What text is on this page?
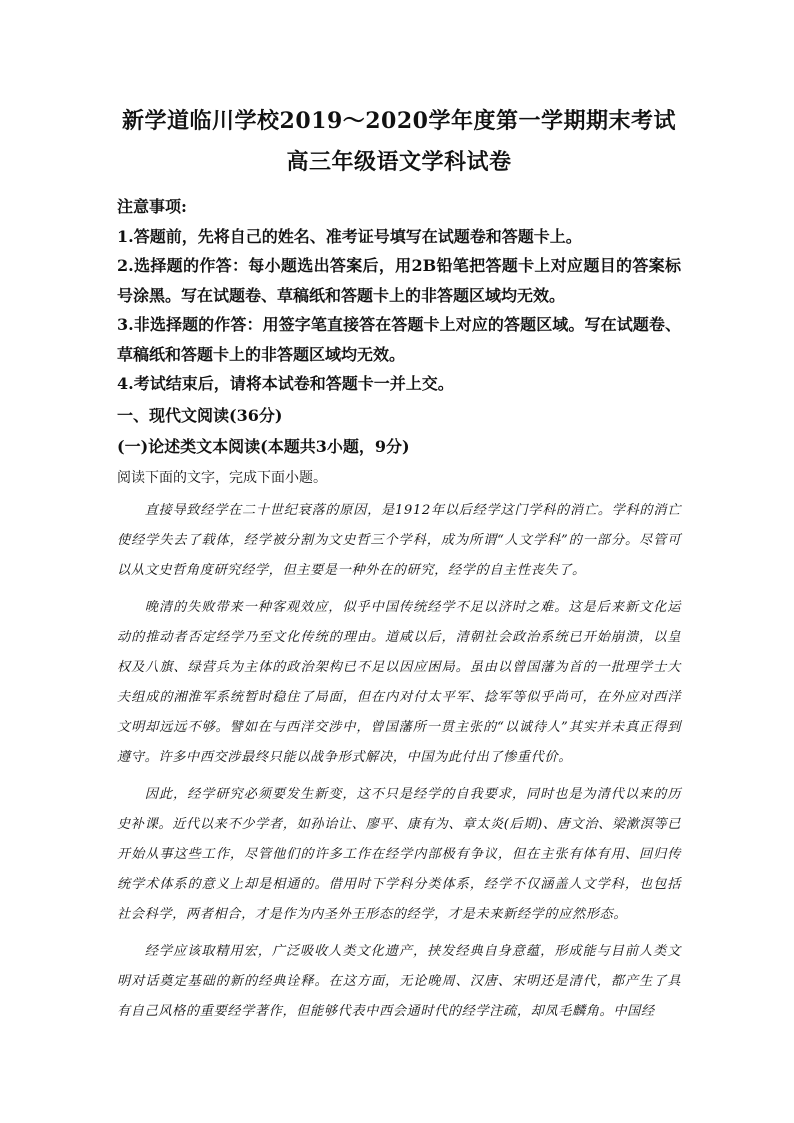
新学道临川学校2019～2020学年度第一学期期末考试
高三年级语文学科试卷

注意事项:

1.答题前，先将自己的姓名、准考证号填写在试题卷和答题卡上。

2.选择题的作答：每小题选出答案后，用2B铅笔把答题卡上对应题目的答案标号涂黑。写在试题卷、草稿纸和答题卡上的非答题区域均无效。

3.非选择题的作答：用签字笔直接答在答题卡上对应的答题区域。写在试题卷、草稿纸和答题卡上的非答题区域均无效。

4.考试结束后，请将本试卷和答题卡一并上交。

一、现代文阅读(36分)

(一)论述类文本阅读(本题共3小题，9分)

阅读下面的文字，完成下面小题。

直接导致经学在二十世纪衰落的原因，是1912年以后经学这门学科的消亡。学科的消亡使经学失去了载体，经学被分割为文史哲三个学科，成为所谓“人文学科”的一部分。尽管可以从文史哲角度研究经学，但主要是一种外在的研究，经学的自主性丧失了。

晚清的失败带来一种客观效应，似乎中国传统经学不足以济时之难。这是后来新文化运动的推动者否定经学乃至文化传统的理由。道咸以后，清朝社会政治系统已开始崩溃，以皇权及八旗、绿营兵为主体的政治架构已不足以因应困局。虽由以曾国藩为首的一批理学士大夫组成的湘淮军系统暂时稳住了局面，但在内对付太平军、捻军等似乎尚可，在外应对西洋文明却远远不够。譬如在与西洋交涉中，曾国藩所一贯主张的“以诚待人”其实并未真正得到遵守。许多中西交涉最终只能以战争形式解决，中国为此付出了惨重代价。

因此，经学研究必须要发生新变，这不只是经学的自我要求，同时也是为清代以来的历史补课。近代以来不少学者，如孙诒让、廖平、康有为、章太炎(后期)、唐文治、梁漱溟等已开始从事这些工作，尽管他们的许多工作在经学内部极有争议，但在主张有体有用、回归传统学术体系的意义上却是相通的。借用时下学科分类体系，经学不仅涵盖人文学科，也包括社会科学，两者相合，才是作为内圣外王形态的经学，才是未来新经学的应然形态。

经学应该取精用宏，广泛吸收人类文化遗产，挟发经典自身意蕴，形成能与目前人类文明对话奠定基础的新的经典诠释。在这方面，无论晚周、汉唐、宋明还是清代，都产生了具有自己风格的重要经学著作，但能够代表中西会通时代的经学注疏，却凤毛麟角。中国经
